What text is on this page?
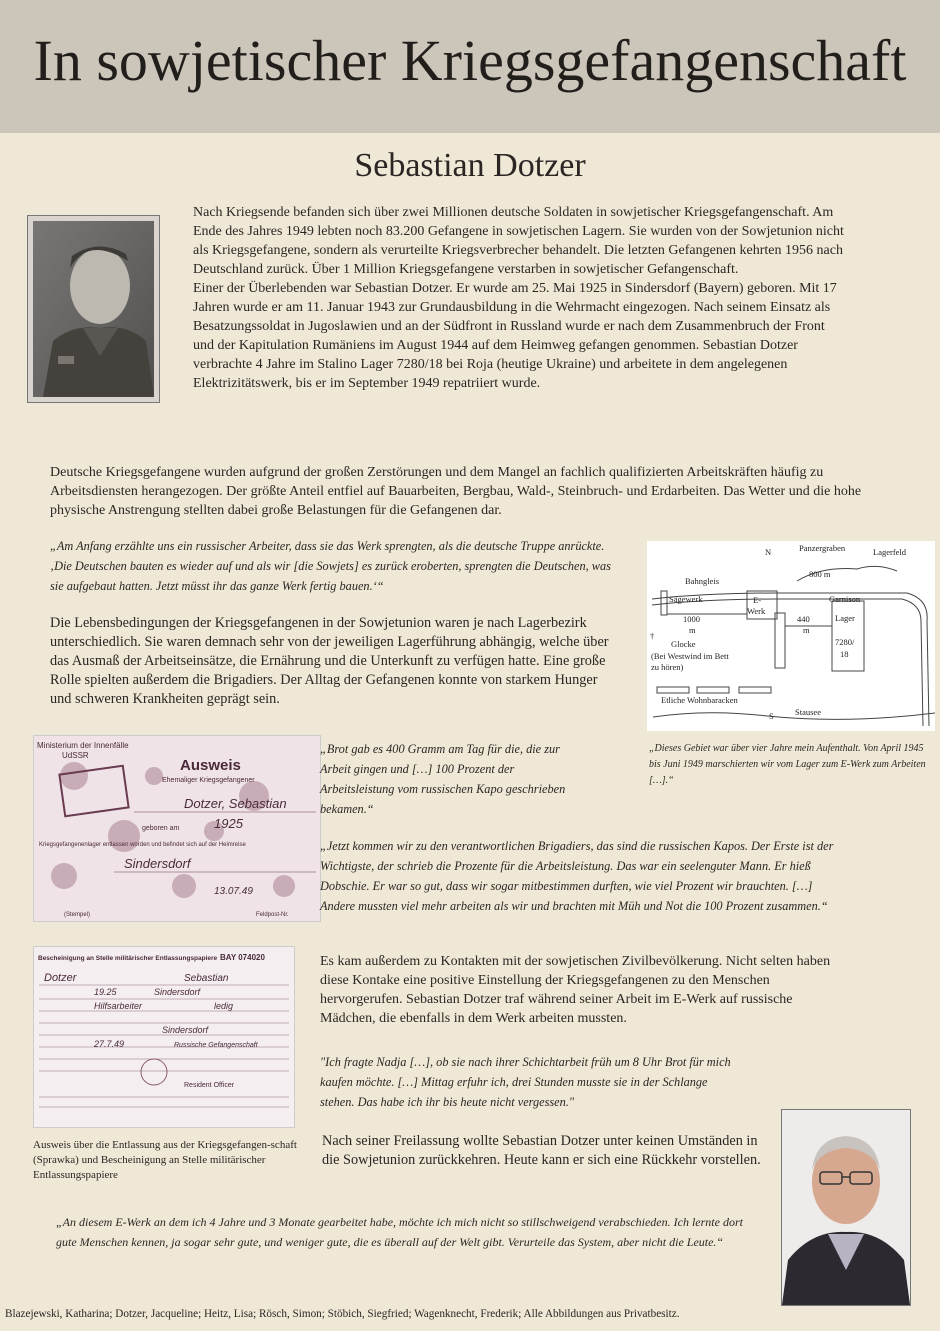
In sowjetischer Kriegsgefangenschaft
Sebastian Dotzer

Nach Kriegsende befanden sich über zwei Millionen deutsche Soldaten in sowjetischer Kriegsgefangenschaft. Am Ende des Jahres 1949 lebten noch 83.200 Gefangene in sowjetischen Lagern. Sie wurden von der Sowjetunion nicht als Kriegsgefangene, sondern als verurteilte Kriegsverbrecher behandelt. Die letzten Gefangenen kehrten 1956 nach Deutschland zurück. Über 1 Million Kriegsgefangene verstarben in sowjetischer Gefangenschaft.

Einer der Überlebenden war Sebastian Dotzer. Er wurde am 25. Mai 1925 in Sindersdorf (Bayern) geboren. Mit 17 Jahren wurde er am 11. Januar 1943 zur Grundausbildung in die Wehrmacht eingezogen. Nach seinem Einsatz als Besatzungssoldat in Jugoslawien und an der Südfront in Russland wurde er nach dem Zusammenbruch der Front und der Kapitulation Rumäniens im August 1944 auf dem Heimweg gefangen genommen. Sebastian Dotzer verbrachte 4 Jahre im Stalino Lager 7280/18 bei Roja (heutige Ukraine) und arbeitete in dem angelegenen Elektrizitätswerk, bis er im September 1949 repatriiert wurde.

Deutsche Kriegsgefangene wurden aufgrund der großen Zerstörungen und dem Mangel an fachlich qualifizierten Arbeitskräften häufig zu Arbeitsdiensten herangezogen. Der größte Anteil entfiel auf Bauarbeiten, Bergbau, Wald-, Steinbruch- und Erdarbeiten. Das Wetter und die hohe physische Anstrengung stellten dabei große Belastungen für die Gefangenen dar.

„Am Anfang erzählte uns ein russischer Arbeiter, dass sie das Werk sprengten, als die deutsche Truppe anrückte. ‚Die Deutschen bauten es wieder auf und als wir [die Sowjets] es zurück eroberten, sprengten die Deutschen, was sie aufgebaut hatten. Jetzt müsst ihr das ganze Werk fertig bauen.‘“

Die Lebensbedingungen der Kriegsgefangenen in der Sowjetunion waren je nach Lagerbezirk unterschiedlich. Sie waren demnach sehr von der jeweiligen Lagerführung abhängig, welche über das Ausmaß der Arbeitseinsätze, die Ernährung und die Unterkunft zu verfügen hatte. Eine große Rolle spielten außerdem die Brigadiers. Der Alltag der Gefangenen konnte von starkem Hunger und schweren Krankheiten geprägt sein.

N	Panzergraben	Lagerfeld
800 m
Bahngleis
Sägewerk	E-
Werk
Garnison
1000
m
440
m
Lager
7280/
18
†
Glocke
(Bei Westwind im Bett
zu hören)
Etliche Wohnbaracken
S	Stausee

„Dieses Gebiet war über vier Jahre mein Aufenthalt. Von April 1945 bis Juni 1949 marschierten wir vom Lager zum E-Werk zum Arbeiten […].“

Ministerium der Innenfälle
UdSSR
Ausweis
Ehemaliger Kriegsgefangener
Dotzer, Sebastian
geboren am	1925
Kriegsgefangenenlager entlassen worden und befindet sich auf der Heimreise
Sindersdorf
13.07.49
(Stempel)	Feldpost-Nr.
Bescheinigung an Stelle militärischer Entlassungspapiere BAY 074020
Dotzer	Sebastian
19.25	Sindersdorf
Hilfsarbeiter	ledig
Sindersdorf
27.7.49	Russische Gefangenschaft
Resident Officer

Ausweis über die Entlassung aus der Kriegsgefangen-schaft (Sprawka) und Bescheinigung an Stelle militärischer Entlassungspapiere

„Brot gab es 400 Gramm am Tag für die, die zur Arbeit gingen und […] 100 Prozent der Arbeitsleistung vom russischen Kapo geschrieben bekamen.“

„Jetzt kommen wir zu den verantwortlichen Brigadiers, das sind die russischen Kapos. Der Erste ist der Wichtigste, der schrieb die Prozente für die Arbeitsleistung. Das war ein seelenguter Mann. Er hieß Dobschie. Er war so gut, dass wir sogar mitbestimmen durften, wie viel Prozent wir brauchten. […] Andere mussten viel mehr arbeiten als wir und brachten mit Müh und Not die 100 Prozent zusammen.“

Es kam außerdem zu Kontakten mit der sowjetischen Zivilbevölkerung. Nicht selten haben diese Kontake eine positive Einstellung der Kriegsgefangenen zu den Menschen hervorgerufen. Sebastian Dotzer traf während seiner Arbeit im E-Werk auf russische Mädchen, die ebenfalls in dem Werk arbeiten mussten.

"Ich fragte Nadja […], ob sie nach ihrer Schichtarbeit früh um 8 Uhr Brot für mich kaufen möchte. […] Mittag erfuhr ich, drei Stunden musste sie in der Schlange stehen. Das habe ich ihr bis heute nicht vergessen."

Nach seiner Freilassung wollte Sebastian Dotzer unter keinen Umständen in die Sowjetunion zurückkehren. Heute kann er sich eine Rückkehr vorstellen.

„An diesem E-Werk an dem ich 4 Jahre und 3 Monate gearbeitet habe, möchte ich mich nicht so stillschweigend verabschieden. Ich lernte dort gute Menschen kennen, ja sogar sehr gute, und weniger gute, die es überall auf der Welt gibt. Verurteile das System, aber nicht die Leute.“

Blazejewski, Katharina; Dotzer, Jacqueline; Heitz, Lisa; Rösch, Simon; Stöbich, Siegfried; Wagenknecht, Frederik; Alle Abbildungen aus Privatbesitz.
